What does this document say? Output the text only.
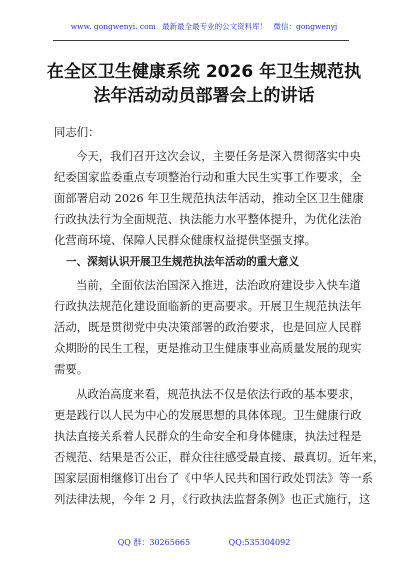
www. gongwenyi. com 最新最全最专业的公文资料库！ 微信：gongwenyj
在全区卫生健康系统 2026 年卫生规范执
法年活动动员部署会上的讲话
同志们：
今天，我们召开这次会议，主要任务是深入贯彻落实中央
纪委国家监委重点专项整治行动和重大民生实事工作要求，全
面部署启动 2026 年卫生规范执法年活动，推动全区卫生健康
行政执法行为全面规范、执法能力水平整体提升，为优化法治
化营商环境、保障人民群众健康权益提供坚强支撑。
一、深刻认识开展卫生规范执法年活动的重大意义
当前，全面依法治国深入推进，法治政府建设步入快车道
行政执法规范化建设面临新的更高要求。开展卫生规范执法年
活动，既是贯彻党中央决策部署的政治要求，也是回应人民群
众期盼的民生工程，更是推动卫生健康事业高质量发展的现实
需要。
从政治高度来看，规范执法不仅是依法行政的基本要求，
更是践行以人民为中心的发展思想的具体体现。卫生健康行政
执法直接关系着人民群众的生命安全和身体健康，执法过程是
否规范、结果是否公正，群众往往感受最直接、最真切。近年来，
国家层面相继修订出台了《中华人民共和国行政处罚法》等一系
列法律法规，今年 2 月，《行政执法监督条例》也正式施行，这
QQ 群：30265665	QQ:535304092
